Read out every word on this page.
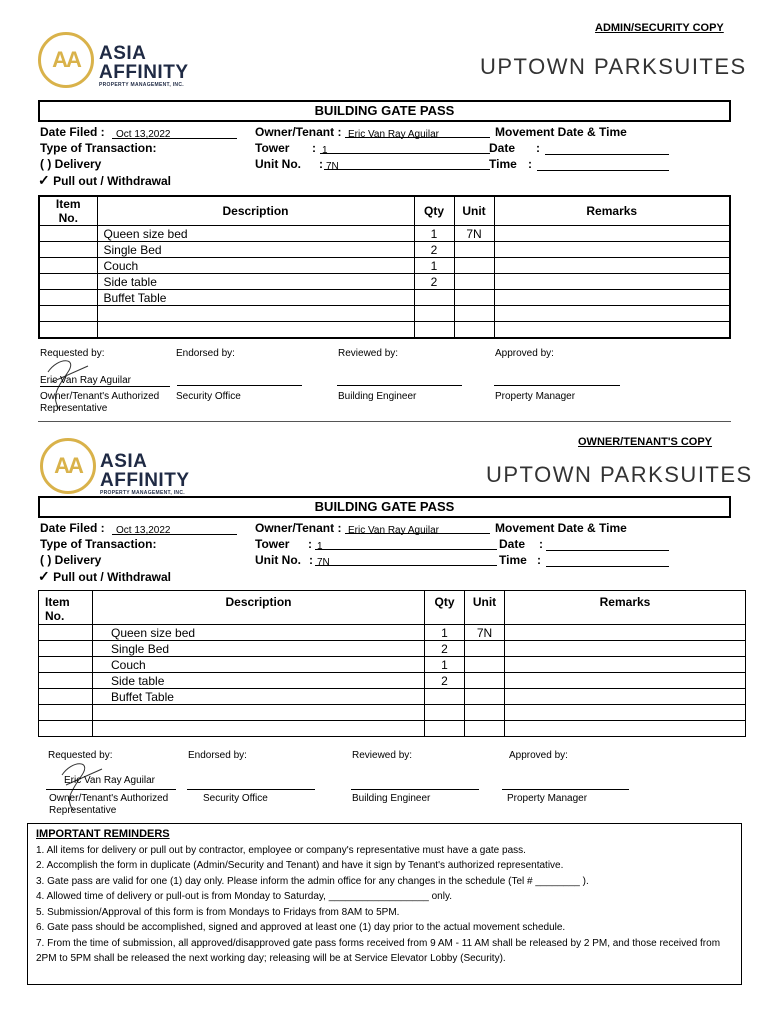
ADMIN/SECURITY COPY
AA ASIA
AFFINITY
PROPERTY MANAGEMENT, INC.
UPTOWN PARKSUITES
BUILDING GATE PASS
Date Filed :	Oct 13,2022
Type of Transaction:
( ) Delivery
✓ Pull out / Withdrawal
Owner/Tenant : Eric Van Ray Aguilar
Tower : 1
Unit No. : 7N
Movement Date & Time
Date :
Time :
Item No.	Description	Qty	Unit	Remarks
	Queen size bed	1	7N	
	Single Bed	2		
	Couch	1		
	Side table	2		
	Buffet Table			

Requested by:	Endorsed by:	Reviewed by:	Approved by:
Eric Van Ray Aguilar
Owner/Tenant's Authorized Representative
Security Office	Building Engineer	Property Manager
OWNER/TENANT'S COPY
AA ASIA
AFFINITY
PROPERTY MANAGEMENT, INC.
UPTOWN PARKSUITES
BUILDING GATE PASS
Date Filed :	Oct 13,2022
Type of Transaction:
( ) Delivery
✓ Pull out / Withdrawal
Owner/Tenant : Eric Van Ray Aguilar
Tower : 1
Unit No. : 7N
Movement Date & Time
Date :
Time :
Item No.	Description	Qty	Unit	Remarks
	Queen size bed	1	7N	
	Single Bed	2		
	Couch	1		
	Side table	2		
	Buffet Table			

Requested by:	Endorsed by:	Reviewed by:	Approved by:
Eric Van Ray Aguilar
Owner/Tenant's Authorized Representative
Security Office	Building Engineer	Property Manager
IMPORTANT REMINDERS
1. All items for delivery or pull out by contractor, employee or company's representative must have a gate pass.
2. Accomplish the form in duplicate (Admin/Security and Tenant) and have it sign by Tenant's authorized representative.
3. Gate pass are valid for one (1) day only. Please inform the admin office for any changes in the schedule (Tel # ________ ).
4. Allowed time of delivery or pull-out is from Monday to Saturday, __________________ only.
5. Submission/Approval of this form is from Mondays to Fridays from 8AM to 5PM.
6. Gate pass should be accomplished, signed and approved at least one (1) day prior to the actual movement schedule.
7. From the time of submission, all approved/disapproved gate pass forms received from 9 AM - 11 AM shall be released by 2 PM, and those received from 2PM to 5PM shall be released the next working day; releasing will be at Service Elevator Lobby (Security).
